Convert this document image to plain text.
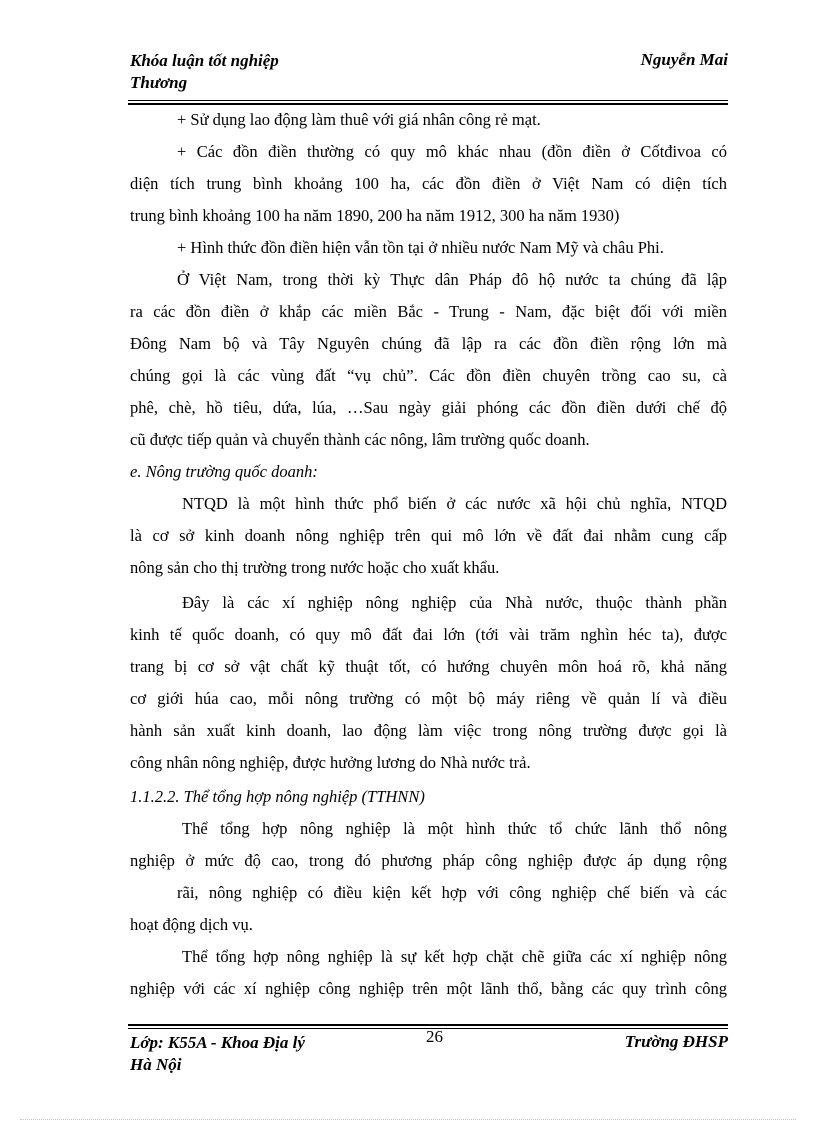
Khóa luận tốt nghiệp
Thương
Nguyễn Mai
+ Sử dụng lao động làm thuê với giá nhân công rẻ mạt.
+ Các đồn điền thường có quy mô khác nhau (đồn điền ở Cốtđivoa có
diện tích trung bình khoảng 100 ha, các đồn điền ở Việt Nam có diện tích
trung bình khoảng 100 ha năm 1890, 200 ha năm 1912, 300 ha năm 1930)
+ Hình thức đồn điền hiện vẫn tồn tại ở nhiều nước Nam Mỹ và châu Phi.
Ở Việt Nam, trong thời kỳ Thực dân Pháp đô hộ nước ta chúng đã lập
ra các đồn điền ở khắp các miền Bắc - Trung - Nam, đặc biệt đối với miền
Đông Nam bộ và Tây Nguyên chúng đã lập ra các đồn điền rộng lớn mà
chúng gọi là các vùng đất “vụ chủ”. Các đồn điền chuyên trồng cao su, cà
phê, chè, hồ tiêu, dứa, lúa, …Sau ngày giải phóng các đồn điền dưới chế độ
cũ được tiếp quản và chuyển thành các nông, lâm trường quốc doanh.
e. Nông trường quốc doanh:
NTQD là một hình thức phổ biến ở các nước xã hội chủ nghĩa, NTQD
là cơ sở kinh doanh nông nghiệp trên qui mô lớn về đất đai nhằm cung cấp
nông sản cho thị trường trong nước hoặc cho xuất khẩu.
Đây là các xí nghiệp nông nghiệp của Nhà nước, thuộc thành phần
kinh tế quốc doanh, có quy mô đất đai lớn (tới vài trăm nghìn héc ta), được
trang bị cơ sở vật chất kỹ thuật tốt, có hướng chuyên môn hoá rõ, khả năng
cơ giới húa cao, mỗi nông trường có một bộ máy riêng về quản lí và điều
hành sản xuất kinh doanh, lao động làm việc trong nông trường được gọi là
công nhân nông nghiệp, được hưởng lương do Nhà nước trả.
1.1.2.2. Thể tổng hợp nông nghiệp (TTHNN)
Thể tổng hợp nông nghiệp là một hình thức tổ chức lãnh thổ nông
nghiệp ở mức độ cao, trong đó phương pháp công nghiệp được áp dụng rộng
rãi, nông nghiệp có điều kiện kết hợp với công nghiệp chế biến và các
hoạt động dịch vụ.
Thể tổng hợp nông nghiệp là sự kết hợp chặt chẽ giữa các xí nghiệp nông
nghiệp với các xí nghiệp công nghiệp trên một lãnh thổ, bằng các quy trình công
Lớp: K55A - Khoa Địa lý
Hà Nội
26	Trường ĐHSP
